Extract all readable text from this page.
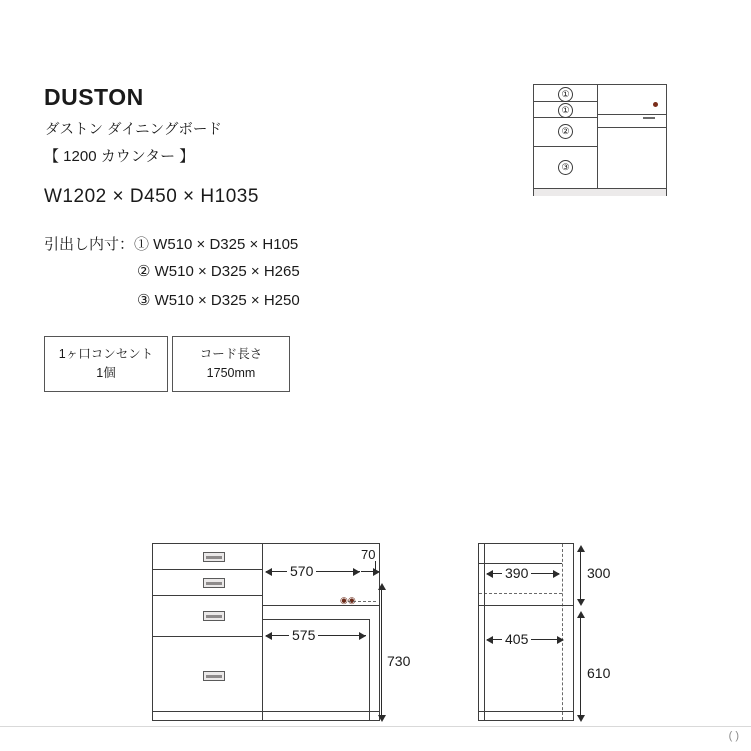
DUSTON
ダストン ダイニングボード
【 1200 カウンター 】
W1202 × D450 × H1035
引出し内寸：① W510 × D325 × H105
② W510 × D325 × H265
③ W510 × D325 × H250
1ヶ口コンセント
1個
コード長さ
1750mm
①
①
②
③
◉◉
570
70
575
730
390
405
300
610
( )
